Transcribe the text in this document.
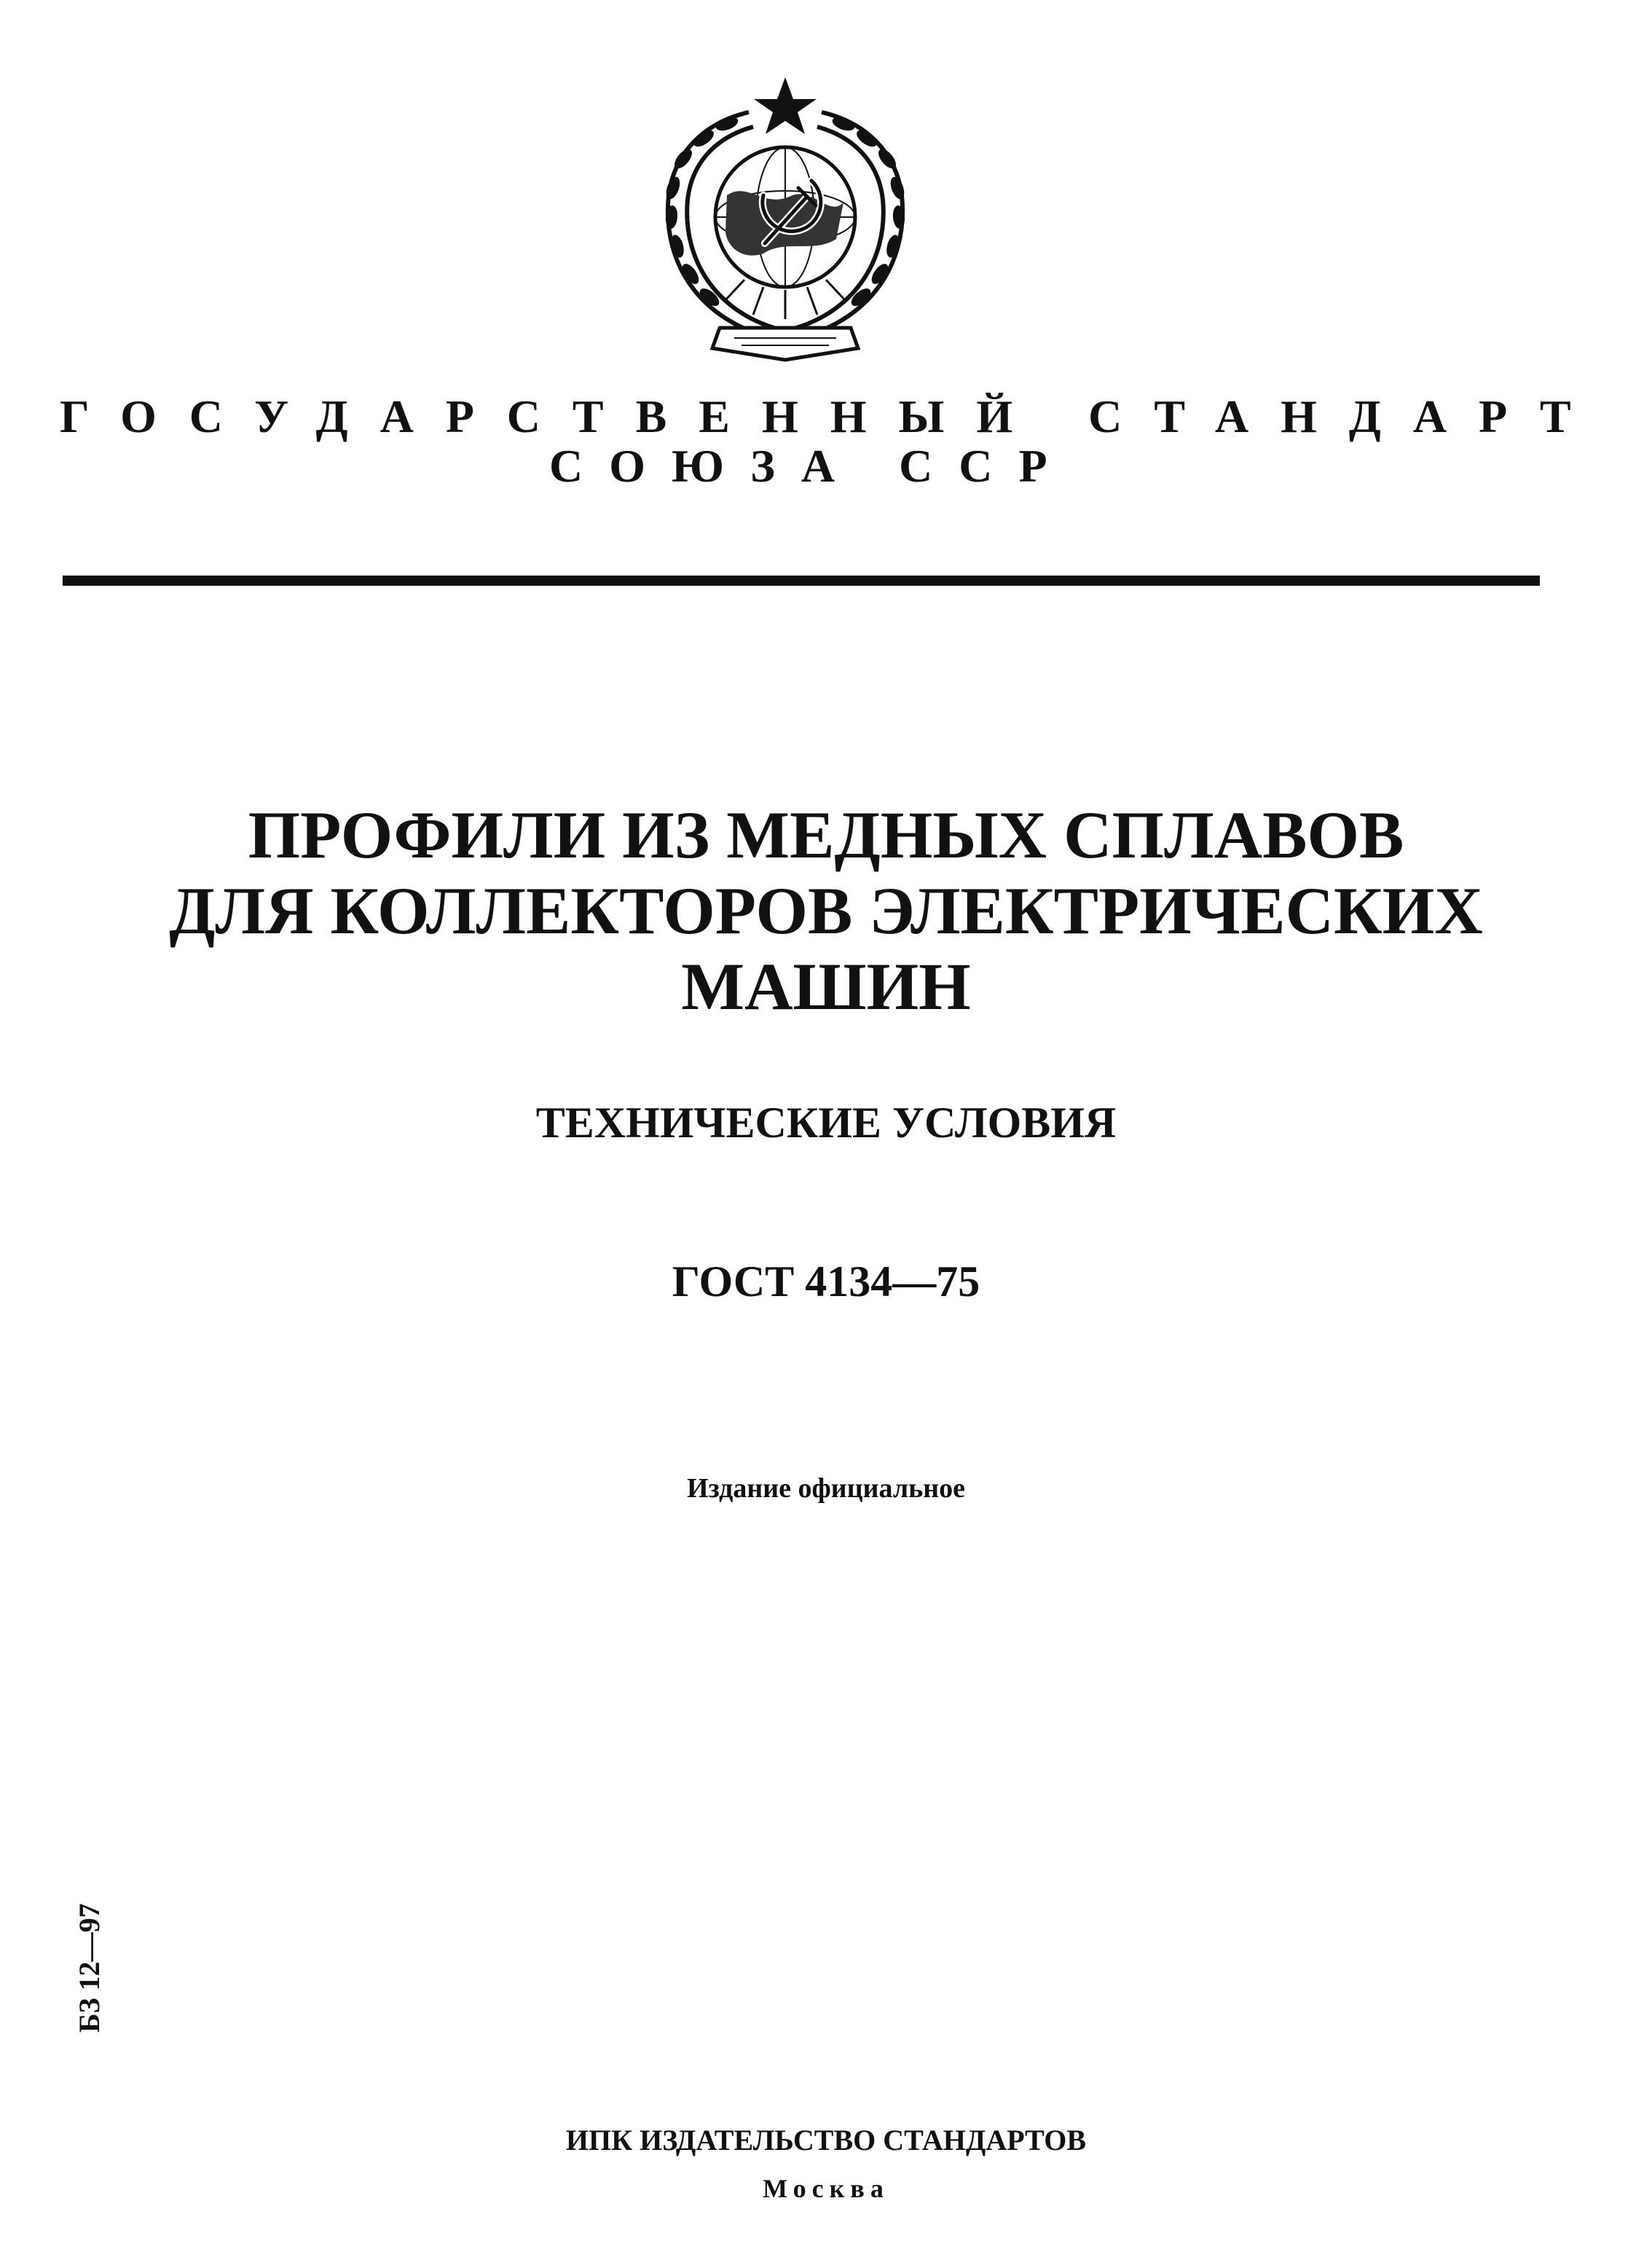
ГОСУДАРСТВЕННЫЙ СТАНДАРТ
СОЮЗА ССР
ПРОФИЛИ ИЗ МЕДНЫХ СПЛАВОВ
ДЛЯ КОЛЛЕКТОРОВ ЭЛЕКТРИЧЕСКИХ
МАШИН
ТЕХНИЧЕСКИЕ УСЛОВИЯ
ГОСТ 4134—75
Издание официальное
БЗ 12—97
ИПК ИЗДАТЕЛЬСТВО СТАНДАРТОВ
Москва
